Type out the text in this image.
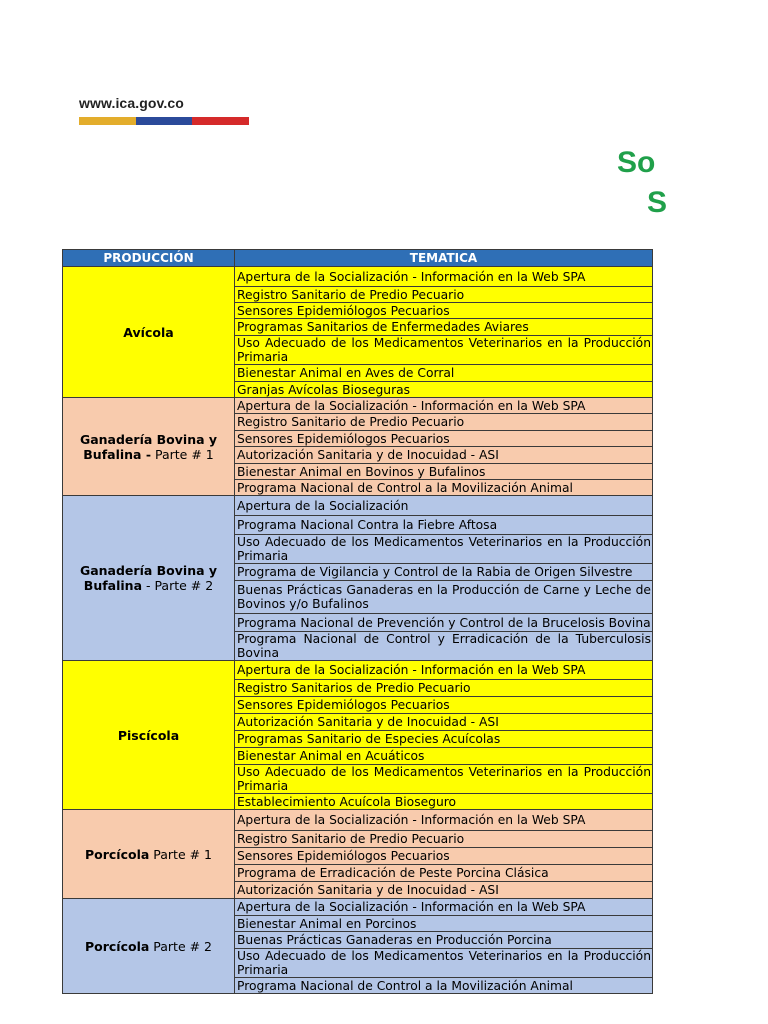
www.ica.gov.co
So
S
PRODUCCIÓN	TEMATICA
Avícola	Apertura de la Socialización - Información en la Web SPA
	Registro Sanitario de Predio Pecuario
	Sensores Epidemiólogos Pecuarios
	Programas Sanitarios de Enfermedades Aviares
	Uso Adecuado de los Medicamentos Veterinarios en la Producción Primaria
	Bienestar Animal en Aves de Corral
	Granjas Avícolas Bioseguras
Ganadería Bovina y Bufalina - Parte # 1	Apertura de la Socialización - Información en la Web SPA
	Registro Sanitario de Predio Pecuario
	Sensores Epidemiólogos Pecuarios
	Autorización Sanitaria y de Inocuidad - ASI
	Bienestar Animal en Bovinos y Bufalinos
	Programa Nacional de Control a la Movilización Animal
Ganadería Bovina y Bufalina - Parte # 2	Apertura de la Socialización
	Programa Nacional Contra la Fiebre Aftosa
	Uso Adecuado de los Medicamentos Veterinarios en la Producción Primaria
	Programa de Vigilancia y Control de la Rabia de Origen Silvestre
	Buenas Prácticas Ganaderas en la Producción de Carne y Leche de Bovinos y/o Bufalinos
	Programa Nacional de Prevención y Control de la Brucelosis Bovina
	Programa Nacional de Control y Erradicación de la Tuberculosis Bovina
Piscícola	Apertura de la Socialización - Información en la Web SPA
	Registro Sanitarios de Predio Pecuario
	Sensores Epidemiólogos Pecuarios
	Autorización Sanitaria y de Inocuidad - ASI
	Programas Sanitario de Especies Acuícolas
	Bienestar Animal en Acuáticos
	Uso Adecuado de los Medicamentos Veterinarios en la Producción Primaria
	Establecimiento Acuícola Bioseguro
Porcícola Parte # 1	Apertura de la Socialización - Información en la Web SPA
	Registro Sanitario de Predio Pecuario
	Sensores Epidemiólogos Pecuarios
	Programa de Erradicación de Peste Porcina Clásica
	Autorización Sanitaria y de Inocuidad - ASI
Porcícola Parte # 2	Apertura de la Socialización - Información en la Web SPA
	Bienestar Animal en Porcinos
	Buenas Prácticas Ganaderas en Producción Porcina
	Uso Adecuado de los Medicamentos Veterinarios en la Producción Primaria
	Programa Nacional de Control a la Movilización Animal
